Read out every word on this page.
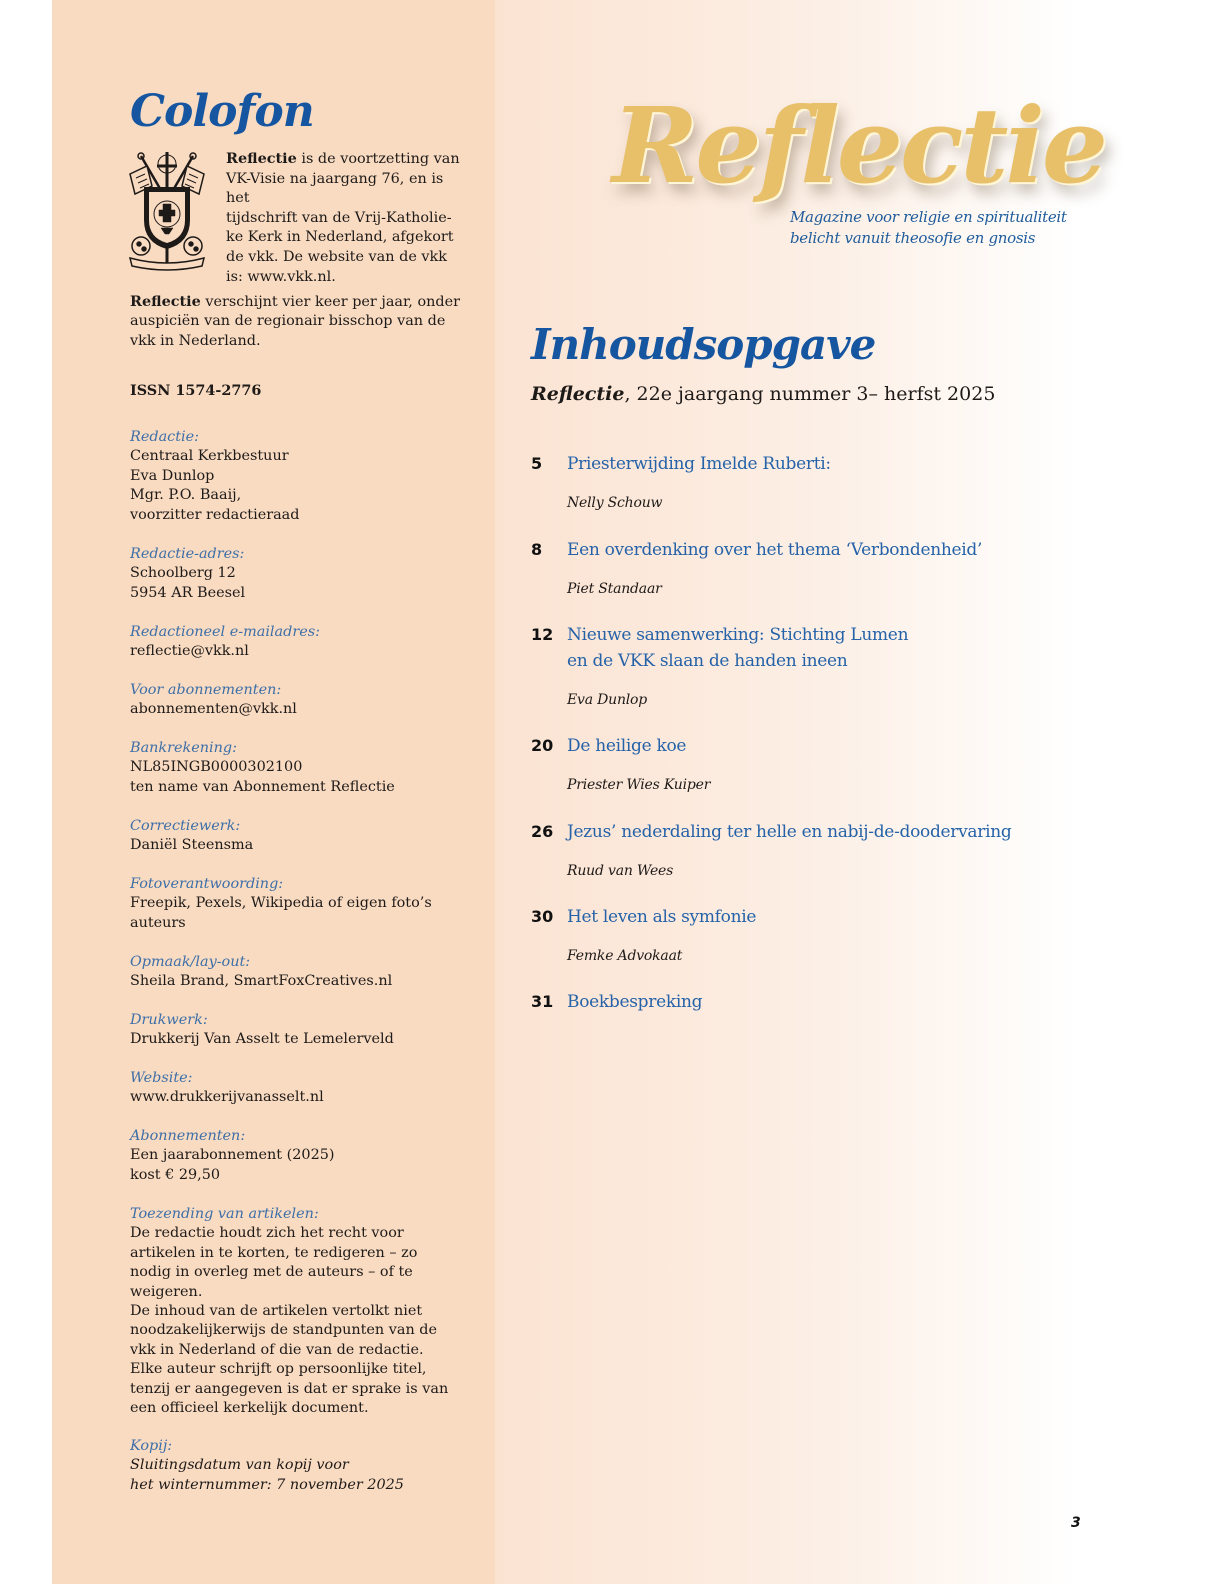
Colofon

Reflectie is de voortzetting van
VK-Visie na jaargang 76, en is het
tijdschrift van de Vrij-Katholie-
ke Kerk in Nederland, afgekort
de vkk. De website van de vkk
is: www.vkk.nl.

Reflectie verschijnt vier keer per jaar, onder
auspiciën van de regionair bisschop van de
vkk in Nederland.

ISSN 1574-2776

Redactie:
Centraal Kerkbestuur
Eva Dunlop
Mgr. P.O. Baaij,
voorzitter redactieraad

Redactie-adres:
Schoolberg 12
5954 AR Beesel

Redactioneel e-mailadres:
reflectie@vkk.nl

Voor abonnementen:
abonnementen@vkk.nl

Bankrekening:
NL85INGB0000302100
ten name van Abonnement Reflectie

Correctiewerk:
Daniël Steensma

Fotoverantwoording:
Freepik, Pexels, Wikipedia of eigen foto’s
auteurs

Opmaak/lay-out:
Sheila Brand, SmartFoxCreatives.nl

Drukwerk:
Drukkerij Van Asselt te Lemelerveld

Website:
www.drukkerijvanasselt.nl

Abonnementen:
Een jaarabonnement (2025)
kost € 29,50

Toezending van artikelen:
De redactie houdt zich het recht voor
artikelen in te korten, te redigeren – zo
nodig in overleg met de auteurs – of te
weigeren.
De inhoud van de artikelen vertolkt niet
noodzakelijkerwijs de standpunten van de
vkk in Nederland of die van de redactie.
Elke auteur schrijft op persoonlijke titel,
tenzij er aangegeven is dat er sprake is van
een officieel kerkelijk document.

Kopij:
Sluitingsdatum van kopij voor
het winternummer: 7 november 2025

Reflectie
Magazine voor religie en spiritualiteit
belicht vanuit theosofie en gnosis
Inhoudsopgave
Reflectie, 22e jaargang nummer 3– herfst 2025
5 Priesterwijding Imelde Ruberti:
Nelly Schouw
8 Een overdenking over het thema ‘Verbondenheid’
Piet Standaar
12 Nieuwe samenwerking: Stichting Lumen
en de VKK slaan de handen ineen
Eva Dunlop
20 De heilige koe
Priester Wies Kuiper
26 Jezus’ nederdaling ter helle en nabij-de-doodervaring
Ruud van Wees
30 Het leven als symfonie
Femke Advokaat
31 Boekbespreking
3
